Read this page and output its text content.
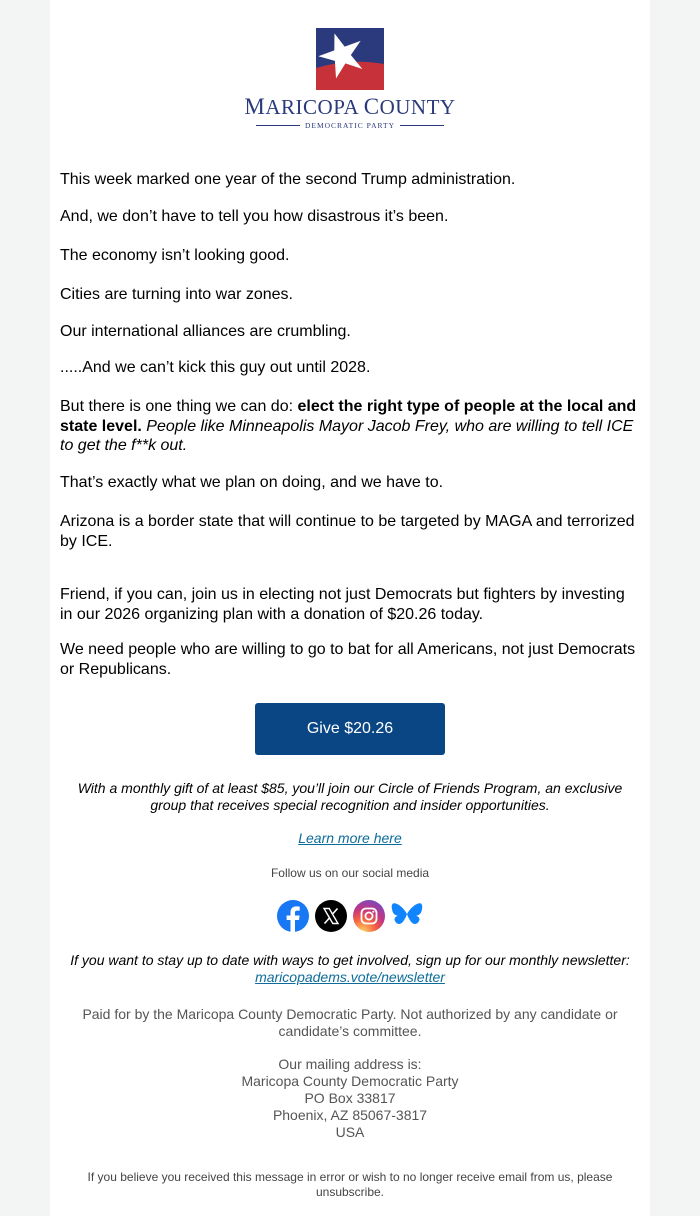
MARICOPA COUNTY
DEMOCRATIC PARTY

This week marked one year of the second Trump administration.

And, we don’t have to tell you how disastrous it’s been.

The economy isn’t looking good.

Cities are turning into war zones.

Our international alliances are crumbling.

.....And we can’t kick this guy out until 2028.

But there is one thing we can do: elect the right type of people at the local and state level. People like Minneapolis Mayor Jacob Frey, who are willing to tell ICE to get the f**k out.

That’s exactly what we plan on doing, and we have to.

Arizona is a border state that will continue to be targeted by MAGA and terrorized by ICE.

Friend, if you can, join us in electing not just Democrats but fighters by investing in our 2026 organizing plan with a donation of $20.26 today.

We need people who are willing to go to bat for all Americans, not just Democrats or Republicans.

Give $20.26
With a monthly gift of at least $85, you’ll join our Circle of Friends Program, an exclusive group that receives special recognition and insider opportunities.
Learn more here
Follow us on our social media
If you want to stay up to date with ways to get involved, sign up for our monthly newsletter: maricopadems.vote/newsletter
Paid for by the Maricopa County Democratic Party. Not authorized by any candidate or candidate’s committee.
Our mailing address is:
Maricopa County Democratic Party
PO Box 33817
Phoenix, AZ 85067-3817
USA
If you believe you received this message in error or wish to no longer receive email from us, please unsubscribe.
